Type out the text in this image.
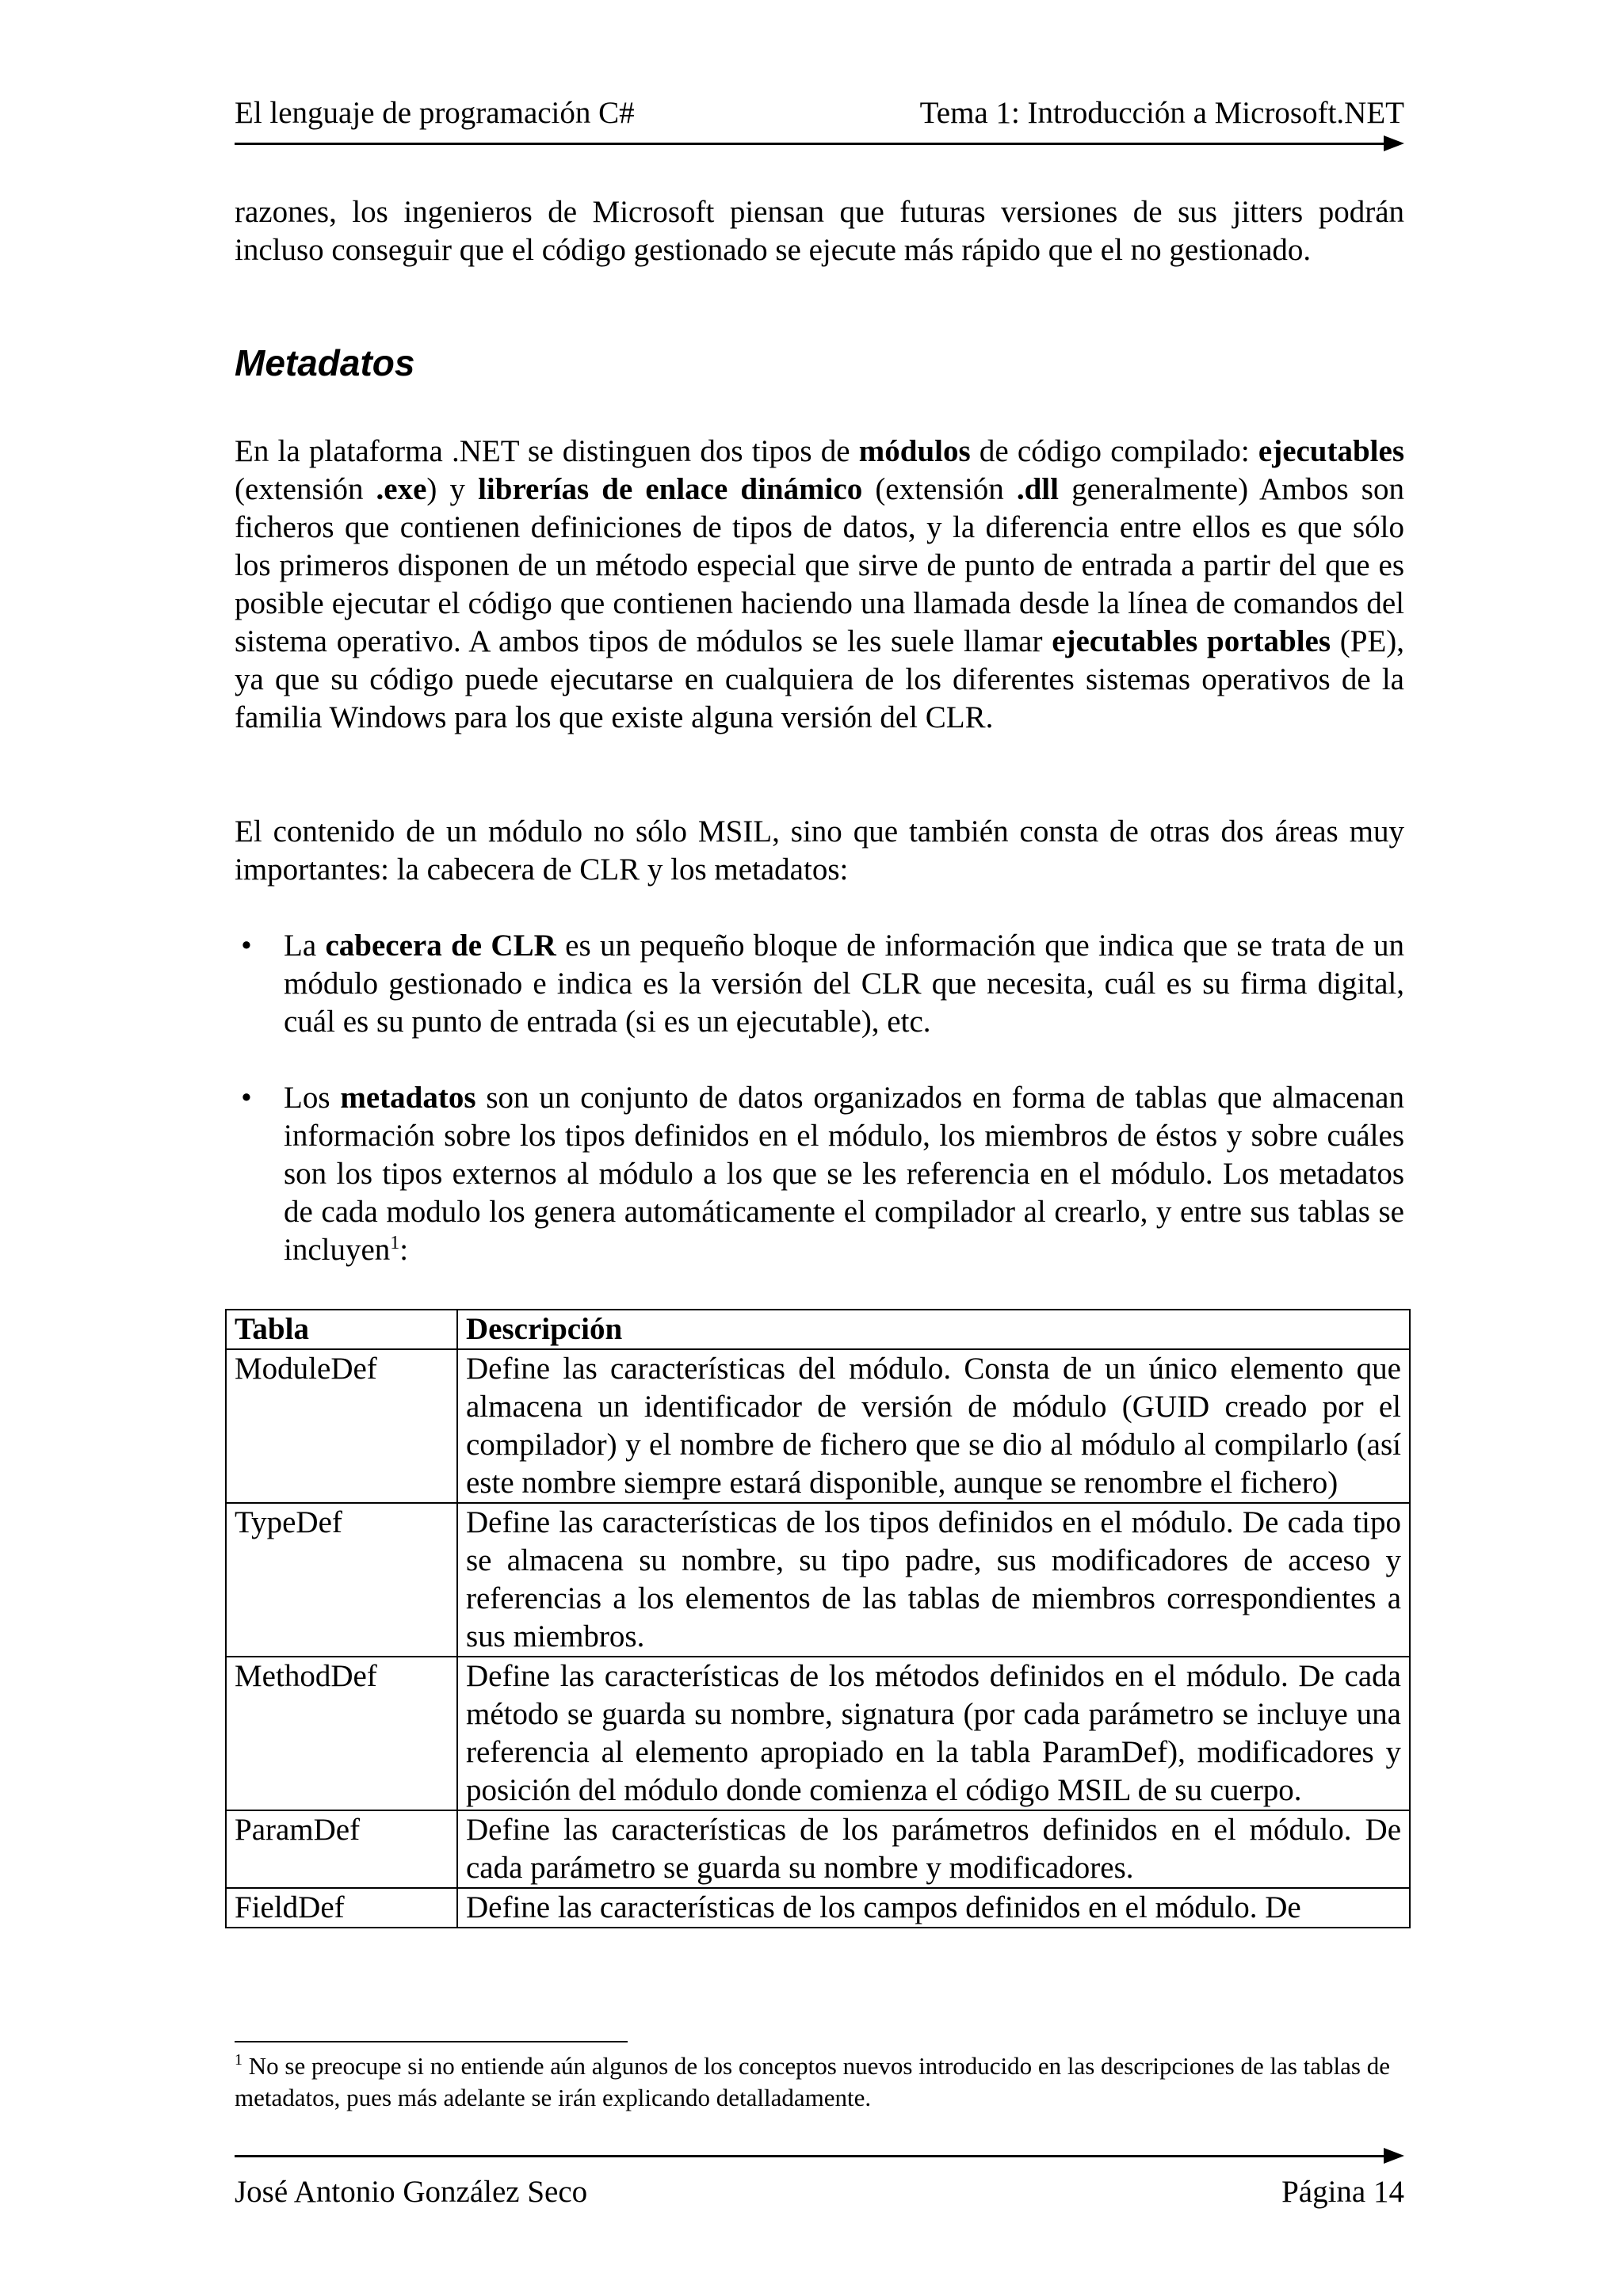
El lenguaje de programación C#	Tema 1: Introducción a Microsoft.NET

razones, los ingenieros de Microsoft piensan que futuras versiones de sus jitters podrán incluso conseguir que el código gestionado se ejecute más rápido que el no gestionado.

Metadatos

En la plataforma .NET se distinguen dos tipos de módulos de código compilado: ejecutables (extensión .exe) y librerías de enlace dinámico (extensión .dll generalmente) Ambos son ficheros que contienen definiciones de tipos de datos, y la diferencia entre ellos es que sólo los primeros disponen de un método especial que sirve de punto de entrada a partir del que es posible ejecutar el código que contienen haciendo una llamada desde la línea de comandos del sistema operativo. A ambos tipos de módulos se les suele llamar ejecutables portables (PE), ya que su código puede ejecutarse en cualquiera de los diferentes sistemas operativos de la familia Windows para los que existe alguna versión del CLR.

El contenido de un módulo no sólo MSIL, sino que también consta de otras dos áreas muy importantes: la cabecera de CLR y los metadatos:

• La cabecera de CLR es un pequeño bloque de información que indica que se trata de un módulo gestionado e indica es la versión del CLR que necesita, cuál es su firma digital, cuál es su punto de entrada (si es un ejecutable), etc.
• Los metadatos son un conjunto de datos organizados en forma de tablas que almacenan información sobre los tipos definidos en el módulo, los miembros de éstos y sobre cuáles son los tipos externos al módulo a los que se les referencia en el módulo. Los metadatos de cada modulo los genera automáticamente el compilador al crearlo, y entre sus tablas se incluyen$^1$:
Tabla	Descripción
ModuleDef	Define las características del módulo. Consta de un único elemento que almacena un identificador de versión de módulo (GUID creado por el compilador) y el nombre de fichero que se dio al módulo al compilarlo (así este nombre siempre estará disponible, aunque se renombre el fichero)
TypeDef	Define las características de los tipos definidos en el módulo. De cada tipo se almacena su nombre, su tipo padre, sus modificadores de acceso y referencias a los elementos de las tablas de miembros correspondientes a sus miembros.
MethodDef	Define las características de los métodos definidos en el módulo. De cada método se guarda su nombre, signatura (por cada parámetro se incluye una referencia al elemento apropiado en la tabla ParamDef), modificadores y posición del módulo donde comienza el código MSIL de su cuerpo.
ParamDef	Define las características de los parámetros definidos en el módulo. De cada parámetro se guarda su nombre y modificadores.
FieldDef	Define las características de los campos definidos en el módulo. De
$^1$ No se preocupe si no entiende aún algunos de los conceptos nuevos introducido en las descripciones de las tablas de metadatos, pues más adelante se irán explicando detalladamente.
José Antonio González Seco	Página 14
